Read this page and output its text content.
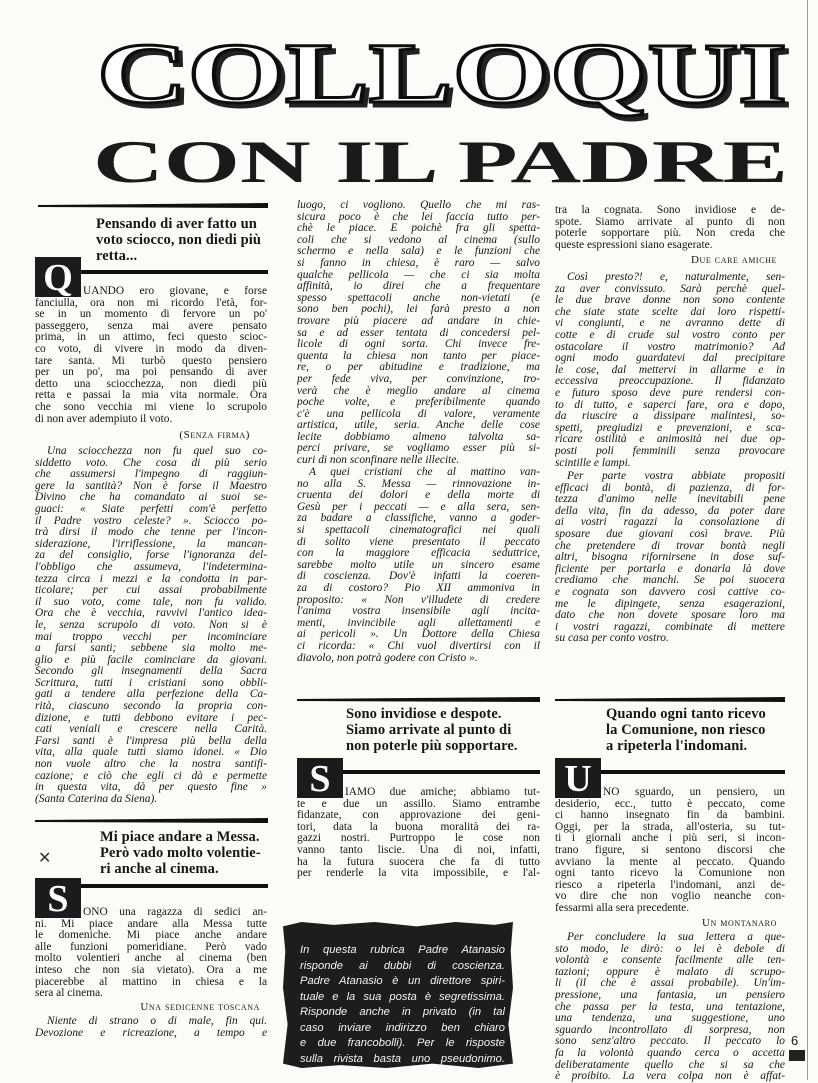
COLLOQUI
CON IL PADRE
Pensando di aver fatto un
voto sciocco, non diedi più
retta...
Q UANDO ero giovane, e forse
fanciulla, ora non mi ricordo l'età, for-
se in un momento di fervore un po'
passeggero, senza mai avere pensato
prima, in un attimo, feci questo scioc-
co voto, di vivere in modo da diven-
tare santa. Mi turbò questo pensiero
per un po', ma poi pensando di aver
detto una sciocchezza, non diedi più
retta e passai la mia vita normale. Ora
che sono vecchia mi viene lo scrupolo
di non aver adempiuto il voto.
(Senza firma)
Una sciocchezza non fu quel suo co-
siddetto voto. Che cosa di più serio
che assumersi l'impegno di raggiun-
gere la santità? Non è forse il Maestro
Divino che ha comandato ai suoi se-
guaci: « Siate perfetti com'è perfetto
il Padre vostro celeste? ». Sciocco po-
trà dirsi il modo che tenne per l'incon-
siderazione, l'irriflessione, la mancan-
za del consiglio, forse l'ignoranza del-
l'obbligo che assumeva, l'indetermina-
tezza circa i mezzi e la condotta in par-
ticolare; per cui assai probabilmente
il suo voto, come tale, non fu valido.
Ora che è vecchia, ravvivi l'antico idea-
le, senza scrupolo di voto. Non si è
mai troppo vecchi per incominciare
a farsi santi; sebbene sia molto me-
glio e più facile cominciare da giovani.
Secondo gli insegnamenti della Sacra
Scrittura, tutti i cristiani sono obbli-
gati a tendere alla perfezione della Ca-
rità, ciascuno secondo la propria con-
dizione, e tutti debbono evitare i pec-
cati veniali e crescere nella Carità.
Farsi santi è l'impresa più bella della
vita, alla quale tutti siamo idonei. « Dio
non vuole altro che la nostra santifi-
cazione; e ciò che egli ci dà e permette
in questa vita, dà per questo fine »
(Santa Caterina da Siena).
✕
Mi piace andare a Messa.
Però vado molto volentie-
ri anche al cinema.
S	ONO una ragazza di sedici an-
ni. Mi piace andare alla Messa tutte
le domeniche. Mi piace anche andare
alle funzioni pomeridiane. Però vado
molto volentieri anche al cinema (ben
inteso che non sia vietato). Ora a me
piacerebbe al mattino in chiesa e la
sera al cinema.
Una sedicenne toscana
Niente di strano o di male, fin qui.
Devozione e ricreazione, a tempo e
luogo, ci vogliono. Quello che mi ras-
sicura poco è che lei faccia tutto per-
chè le piace. E poichè fra gli spetta-
coli che si vedono al cinema (sullo
schermo e nella sala) e le funzioni che
si fanno in chiesa, è raro — salvo
qualche pellicola — che ci sia molta
affinità, io direi che a frequentare
spesso spettacoli anche non-vietati (e
sono ben pochi), lei farà presto a non
trovare più piacere ad andare in chie-
sa e ad esser tentata di concedersi pel-
licole di ogni sorta. Chi invece fre-
quenta la chiesa non tanto per piace-
re, o per abitudine e tradizione, ma
per fede viva, per convinzione, tro-
verà che è meglio andare al cinema
poche volte, e preferibilmente quando
c'è una pellicola di valore, veramente
artistica, utile, seria. Anche delle cose
lecite dobbiamo almeno talvolta sa-
perci privare, se vogliamo esser più si-
curi di non sconfinare nelle illecite.
A quei cristiani che al mattino van-
no alla S. Messa — rinnovazione in-
cruenta dei dolori e della morte di
Gesù per i peccati — e alla sera, sen-
za badare a classifiche, vanno a goder-
si spettacoli cinematografici nei quali
di solito viene presentato il peccato
con la maggiore efficacia seduttrice,
sarebbe molto utile un sincero esame
di coscienza. Dov'è infatti la coeren-
za di costoro? Pio XII ammoniva in
proposito: « Non v'illudete di credere
l'anima vostra insensibile agli incita-
menti, invincibile agli allettamenti e
ai pericoli ». Un Dottore della Chiesa
ci ricorda: « Chi vuol divertirsi con il
diavolo, non potrà godere con Cristo ».
Sono invidiose e despote.
Siamo arrivate al punto di
non poterle più sopportare.
S	IAMO due amiche; abbiamo tut-
te e due un assillo. Siamo entrambe
fidanzate, con approvazione dei geni-
tori, data la buona moralità dei ra-
gazzi nostri. Purtroppo le cose non
vanno tanto liscie. Una di noi, infatti,
ha la futura suocera che fa di tutto
per renderle la vita impossibile, e l'al-
In questa rubrica Padre Atanasio
risponde ai dubbi di coscienza.
Padre Atanasio è un direttore spiri-
tuale e la sua posta è segretissima.
Risponde anche in privato (in tal
caso inviare indirizzo ben chiaro
e due francobolli). Per le risposte
sulla rivista basta uno pseudonimo.
tra la cognata. Sono invidiose e de-
spote. Siamo arrivate al punto di non
poterle sopportare più. Non creda che
queste espressioni siano esagerate.
Due care amiche
Così presto?! e, naturalmente, sen-
za aver convissuto. Sarà perchè quel-
le due brave donne non sono contente
che siate state scelte dai loro rispetti-
vi congiunti, e ne avranno dette di
cotte e di crude sul vostro conto per
ostacolare il vostro matrimonio? Ad
ogni modo guardatevi dal precipitare
le cose, dal mettervi in allarme e in
eccessiva preoccupazione. Il fidanzato
e futuro sposo deve pure rendersi con-
to di tutto, e saperci fare, ora e dopo,
da riuscire a dissipare malintesi, so-
spetti, pregiudizi e prevenzioni, e sca-
ricare ostilità e animosità nei due op-
posti poli femminili senza provocare
scintille e lampi.
Per parte vostra abbiate propositi
efficaci di bontà, di pazienza, di for-
tezza d'animo nelle inevitabili pene
della vita, fin da adesso, da poter dare
ai vostri ragazzi la consolazione di
sposare due giovani così brave. Più
che pretendere di trovar bontà negli
altri, bisogna rifornirsene in dose suf-
ficiente per portarla e donarla là dove
crediamo che manchi. Se poi suocera
e cognata son davvero così cattive co-
me le dipingete, senza esagerazioni,
dato che non dovete sposare loro ma
i vostri ragazzi, combinate di mettere
su casa per conto vostro.
Quando ogni tanto ricevo
la Comunione, non riesco
a ripeterla l'indomani.
U NO sguardo, un pensiero, un
desiderio, ecc., tutto è peccato, come
ci hanno insegnato fin da bambini.
Oggi, per la strada, all'osteria, su tut-
ti i giornali anche i più seri, si incon-
trano figure, si sentono discorsi che
avviano la mente al peccato. Quando
ogni tanto ricevo la Comunione non
riesco a ripeterla l'indomani, anzi de-
vo dire che non voglio neanche con-
fessarmi alla sera precedente.
Un montanaro
Per concludere la sua lettera a que-
sto modo, le dirò: o lei è debole di
volontà e consente facilmente alle ten-
tazioni; oppure è malato di scrupo-
li (il che è assai probabile). Un'im-
pressione, una fantasia, un pensiero
che passa per la testa, una tentazione,
una tendenza, una suggestione, uno
sguardo incontrollato di sorpresa, non
sono senz'altro peccato. Il peccato lo
fa la volontà quando cerca o accetta
deliberatamente quello che si sa che
è proibito. La vera colpa non è affat-
6
